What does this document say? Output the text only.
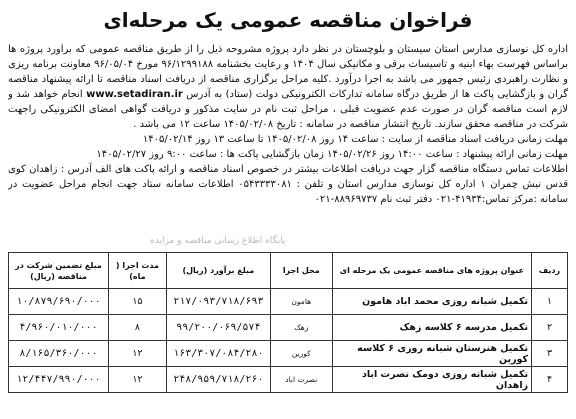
فراخوان مناقصه عمومی یک مرحله‌ای

اداره کل نوسازی مدارس استان سیستان و بلوچستان در نظر دارد پروژه مشروحه ذیل را از طریق مناقصه عمومی که براورد پروژه ها براساس فهرست بهاء ابنیه و تاسیسات برقی و مکانیکی سال ۱۴۰۴ و رعایت بخشنامه ۹۶/۱۲۹۹۱۸۸ مورخ ۹۶/۰۵/۰۴ معاونت برنامه ریزی و نظارت راهبردی رئیس جمهور می باشد به اجرا درآورد .کلیه مراحل برگزاری مناقصه از دریافت اسناد مناقصه تا ارائه پیشنهاد مناقصه گران و بازگشایی پاکت ها از طریق درگاه سامانه تدارکات الکترونیکی دولت (ستاد) به آدرس www.setadiran.ir انجام خواهد شد و لازم است مناقصه گران در صورت عدم عضویت قبلی ، مراحل ثبت نام در سایت مذکور و دریافت گواهی امضای الکترونیکی راجهت شرکت در مناقصه محقق سازند. تاریخ انتشار مناقصه در سامانه : تاریخ ۱۴۰۵/۰۲/۰۸ ساعت ۱۲ می باشد .

مهلت زمانی دریافت اسناد مناقصه از سایت : ساعت ۱۴ روز ۱۴۰۵/۰۲/۰۸ تا ساعت ۱۳ روز ۱۴۰۵/۰۲/۱۴

مهلت زمانی ارائه پیشنهاد : ساعت ۱۴:۰۰ روز ۱۴۰۵/۰۲/۲۶ زمان بازگشایی پاکت ها : ساعت ۹:۰۰ روز ۱۴۰۵/۰۲/۲۷

اطلاعات تماس دستگاه مناقصه گزار جهت دریافت اطلاعات بیشتر در خصوص اسناد مناقصه و ارائه پاکت های الف آدرس : زاهدان کوی قدس نبش چمران ۱ اداره کل نوسازی مدارس استان و تلفن : ۰۵۴۳۳۳۳۰۸۱ اطلاعات سامانه ستاد جهت انجام مراحل عضویت در سامانه :مرکز تماس:۴۱۹۳۴-۰۲۱ دفتر ثبت نام ۸۸۹۶۹۷۳۷-۰۲۱

پایگاه اطلاع رسانی مناقصه و مزایده
ردیف	عنوان پروژه های مناقصه عمومی یک مرحله ای	محل اجرا	مبلغ برآورد (ریال)	مدت اجرا ( ماه)	مبلغ تضمین شرکت در مناقصه (ریال)
۱	تکمیل شبانه روزی محمد اباد هامون	هامون	۲۱۷/۰۹۳/۷۱۸/۶۹۳	۱۵	۱۰/۸۷۹/۶۹۰/۰۰۰
۲	تکمیل مدرسه ۶ کلاسه زهک	زهک	۹۹/۲۰۰/۰۶۹/۵۷۴	۸	۴/۹۶۰/۰۱۰/۰۰۰
۳	تکمیل هنرستان شبانه روزی ۶ کلاسه کورین	کورین	۱۶۳/۳۰۷/۰۸۴/۲۸۰	۱۲	۸/۱۶۵/۳۶۰/۰۰۰
۴	تکمیل شبانه روزی دومک نصرت اباد زاهدان	نصرت اباد	۲۴۸/۹۵۹/۷۱۸/۲۶۰	۱۲	۱۲/۴۴۷/۹۹۰/۰۰۰
